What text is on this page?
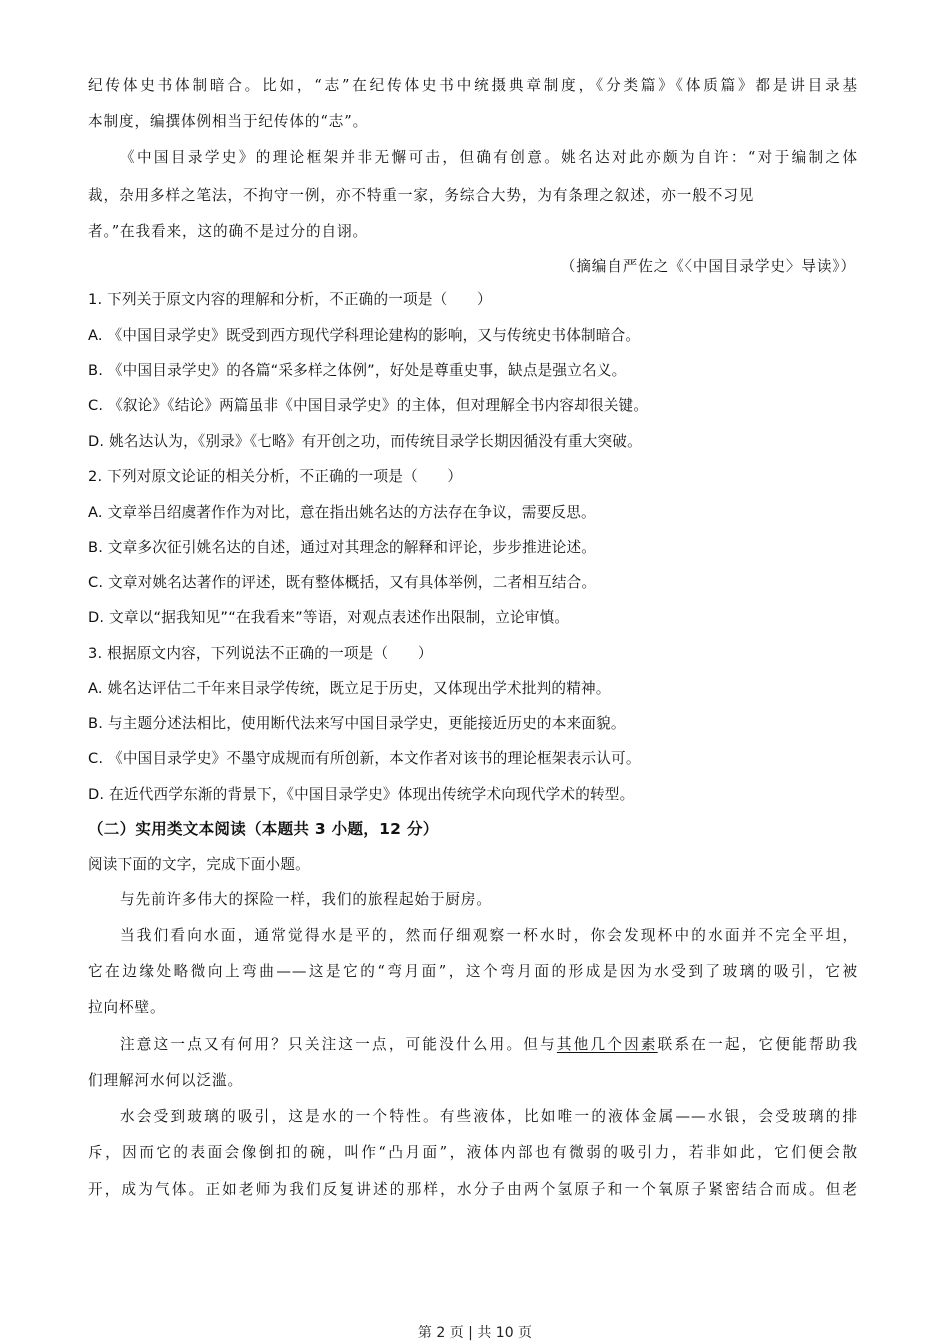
纪传体史书体制暗合。比如，“志”在纪传体史书中统摄典章制度，《分类篇》《体质篇》都是讲目录基
本制度，编撰体例相当于纪传体的“志”。
《中国目录学史》的理论框架并非无懈可击，但确有创意。姚名达对此亦颇为自许：“对于编制之体
裁，杂用多样之笔法，不拘守一例，亦不特重一家，务综合大势，为有条理之叙述，亦一般不习见
者。”在我看来，这的确不是过分的自诩。
（摘编自严佐之《〈中国目录学史〉导读》）
1. 下列关于原文内容的理解和分析，不正确的一项是（　　）
A. 《中国目录学史》既受到西方现代学科理论建构的影响，又与传统史书体制暗合。
B. 《中国目录学史》的各篇“采多样之体例”，好处是尊重史事，缺点是强立名义。
C. 《叙论》《结论》两篇虽非《中国目录学史》的主体，但对理解全书内容却很关键。
D. 姚名达认为，《别录》《七略》有开创之功，而传统目录学长期因循没有重大突破。
2. 下列对原文论证的相关分析，不正确的一项是（　　）
A. 文章举吕绍虞著作作为对比，意在指出姚名达的方法存在争议，需要反思。
B. 文章多次征引姚名达的自述，通过对其理念的解释和评论，步步推进论述。
C. 文章对姚名达著作的评述，既有整体概括，又有具体举例，二者相互结合。
D. 文章以“据我知见”“在我看来”等语，对观点表述作出限制，立论审慎。
3. 根据原文内容，下列说法不正确的一项是（　　）
A. 姚名达评估二千年来目录学传统，既立足于历史，又体现出学术批判的精神。
B. 与主题分述法相比，使用断代法来写中国目录学史，更能接近历史的本来面貌。
C. 《中国目录学史》不墨守成规而有所创新，本文作者对该书的理论框架表示认可。
D. 在近代西学东渐的背景下，《中国目录学史》体现出传统学术向现代学术的转型。
（二）实用类文本阅读（本题共 3 小题，12 分）
阅读下面的文字，完成下面小题。
与先前许多伟大的探险一样，我们的旅程起始于厨房。
当我们看向水面，通常觉得水是平的，然而仔细观察一杯水时，你会发现杯中的水面并不完全平坦，
它在边缘处略微向上弯曲——这是它的“弯月面”，这个弯月面的形成是因为水受到了玻璃的吸引，它被
拉向杯壁。
注意这一点又有何用？只关注这一点，可能没什么用。但与其他几个因素联系在一起，它便能帮助我
们理解河水何以泛滥。
水会受到玻璃的吸引，这是水的一个特性。有些液体，比如唯一的液体金属——水银，会受玻璃的排
斥，因而它的表面会像倒扣的碗，叫作“凸月面”，液体内部也有微弱的吸引力，若非如此，它们便会散
开，成为气体。正如老师为我们反复讲述的那样，水分子由两个氢原子和一个氧原子紧密结合而成。但老
第 2 页 | 共 10 页
